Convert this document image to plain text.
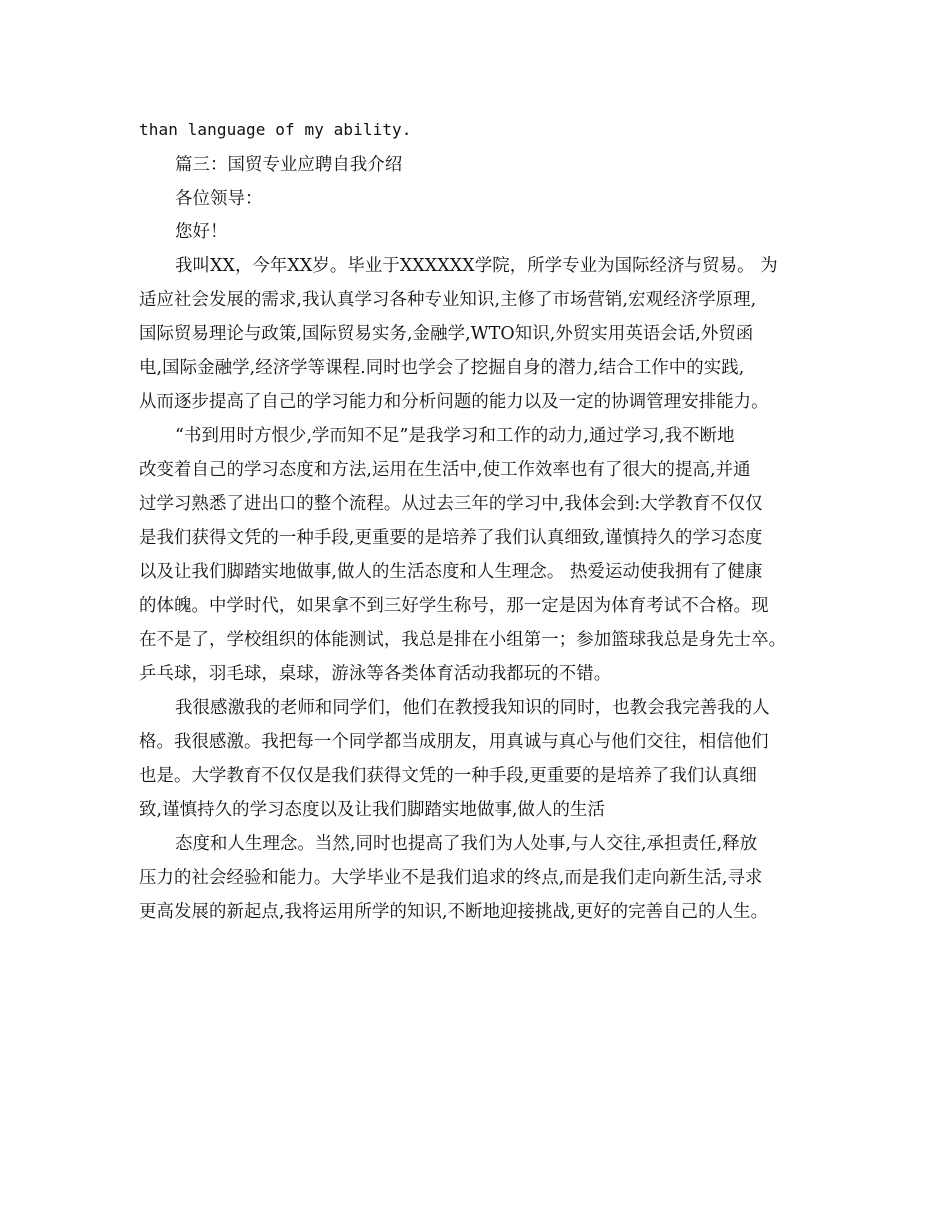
than language of my ability.
篇三：国贸专业应聘自我介绍
各位领导：
您好！
我叫XX，今年XX岁。毕业于XXXXXX学院，所学专业为国际经济与贸易。 为
适应社会发展的需求,我认真学习各种专业知识,主修了市场营销,宏观经济学原理,
国际贸易理论与政策,国际贸易实务,金融学,WTO知识,外贸实用英语会话,外贸函
电,国际金融学,经济学等课程.同时也学会了挖掘自身的潜力,结合工作中的实践,
从而逐步提高了自己的学习能力和分析问题的能力以及一定的协调管理安排能力。
“书到用时方恨少,学而知不足”是我学习和工作的动力,通过学习,我不断地
改变着自己的学习态度和方法,运用在生活中,使工作效率也有了很大的提高,并通
过学习熟悉了进出口的整个流程。从过去三年的学习中,我体会到:大学教育不仅仅
是我们获得文凭的一种手段,更重要的是培养了我们认真细致,谨慎持久的学习态度
以及让我们脚踏实地做事,做人的生活态度和人生理念。 热爱运动使我拥有了健康
的体魄。中学时代，如果拿不到三好学生称号，那一定是因为体育考试不合格。现
在不是了，学校组织的体能测试，我总是排在小组第一；参加篮球我总是身先士卒。
乒乓球，羽毛球，桌球，游泳等各类体育活动我都玩的不错。
我很感激我的老师和同学们，他们在教授我知识的同时，也教会我完善我的人
格。我很感激。我把每一个同学都当成朋友，用真诚与真心与他们交往，相信他们
也是。大学教育不仅仅是我们获得文凭的一种手段,更重要的是培养了我们认真细
致,谨慎持久的学习态度以及让我们脚踏实地做事,做人的生活
态度和人生理念。当然,同时也提高了我们为人处事,与人交往,承担责任,释放
压力的社会经验和能力。大学毕业不是我们追求的终点,而是我们走向新生活,寻求
更高发展的新起点,我将运用所学的知识,不断地迎接挑战,更好的完善自己的人生。
